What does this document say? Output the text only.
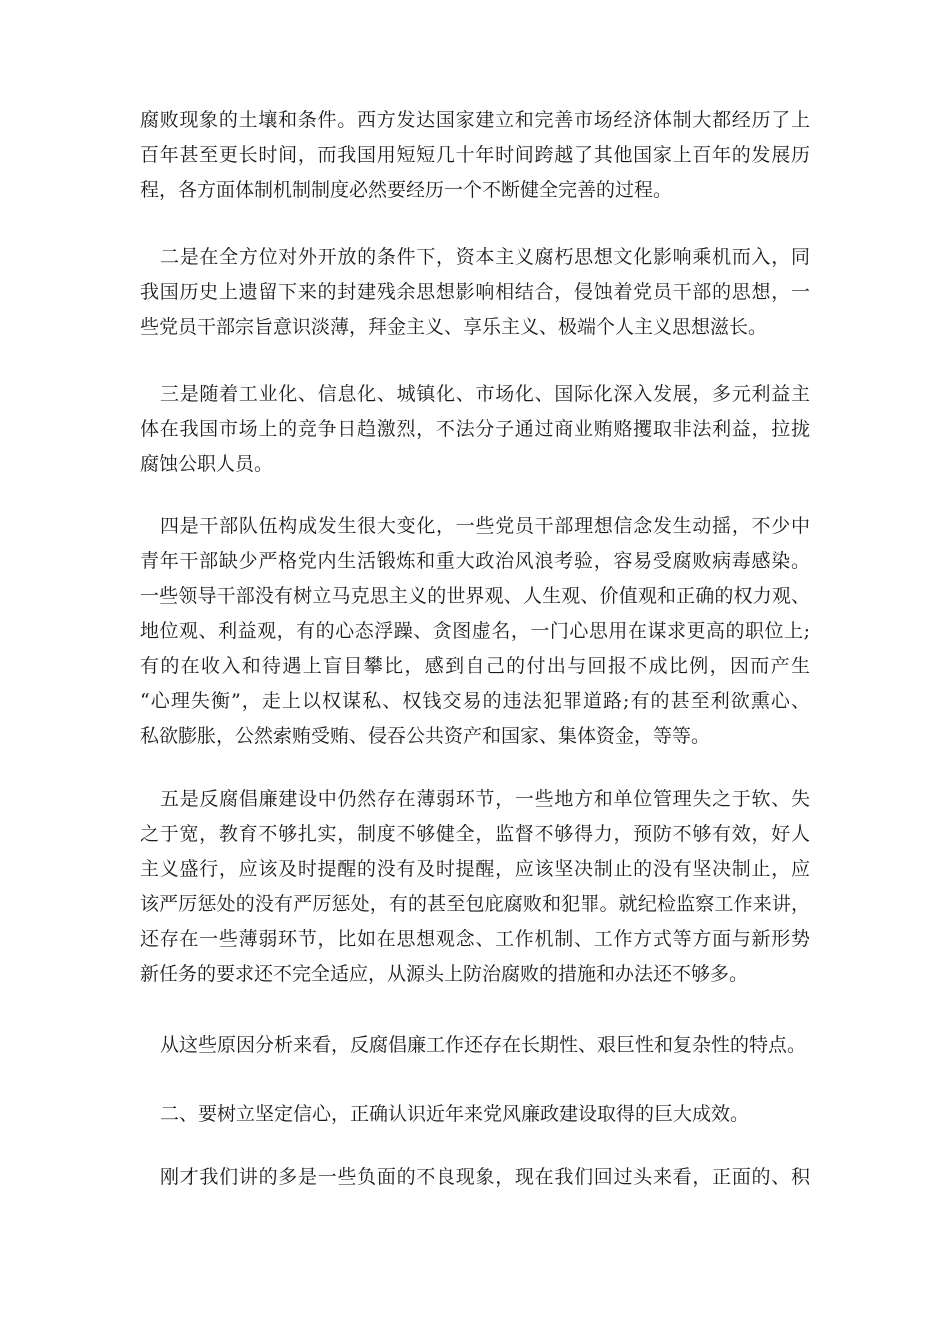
腐败现象的土壤和条件。西方发达国家建立和完善市场经济体制大都经历了上
百年甚至更长时间，而我国用短短几十年时间跨越了其他国家上百年的发展历
程，各方面体制机制制度必然要经历一个不断健全完善的过程。

二是在全方位对外开放的条件下，资本主义腐朽思想文化影响乘机而入，同
我国历史上遗留下来的封建残余思想影响相结合，侵蚀着党员干部的思想，一
些党员干部宗旨意识淡薄，拜金主义、享乐主义、极端个人主义思想滋长。

三是随着工业化、信息化、城镇化、市场化、国际化深入发展，多元利益主
体在我国市场上的竞争日趋激烈，不法分子通过商业贿赂攫取非法利益，拉拢
腐蚀公职人员。

四是干部队伍构成发生很大变化，一些党员干部理想信念发生动摇，不少中
青年干部缺少严格党内生活锻炼和重大政治风浪考验，容易受腐败病毒感染。
一些领导干部没有树立马克思主义的世界观、人生观、价值观和正确的权力观、
地位观、利益观，有的心态浮躁、贪图虚名，一门心思用在谋求更高的职位上;
有的在收入和待遇上盲目攀比，感到自己的付出与回报不成比例，因而产生
“心理失衡”，走上以权谋私、权钱交易的违法犯罪道路;有的甚至利欲熏心、
私欲膨胀，公然索贿受贿、侵吞公共资产和国家、集体资金，等等。

五是反腐倡廉建设中仍然存在薄弱环节，一些地方和单位管理失之于软、失
之于宽，教育不够扎实，制度不够健全，监督不够得力，预防不够有效，好人
主义盛行，应该及时提醒的没有及时提醒，应该坚决制止的没有坚决制止，应
该严厉惩处的没有严厉惩处，有的甚至包庇腐败和犯罪。就纪检监察工作来讲，
还存在一些薄弱环节，比如在思想观念、工作机制、工作方式等方面与新形势
新任务的要求还不完全适应，从源头上防治腐败的措施和办法还不够多。

从这些原因分析来看，反腐倡廉工作还存在长期性、艰巨性和复杂性的特点。

二、要树立坚定信心，正确认识近年来党风廉政建设取得的巨大成效。

刚才我们讲的多是一些负面的不良现象，现在我们回过头来看，正面的、积
